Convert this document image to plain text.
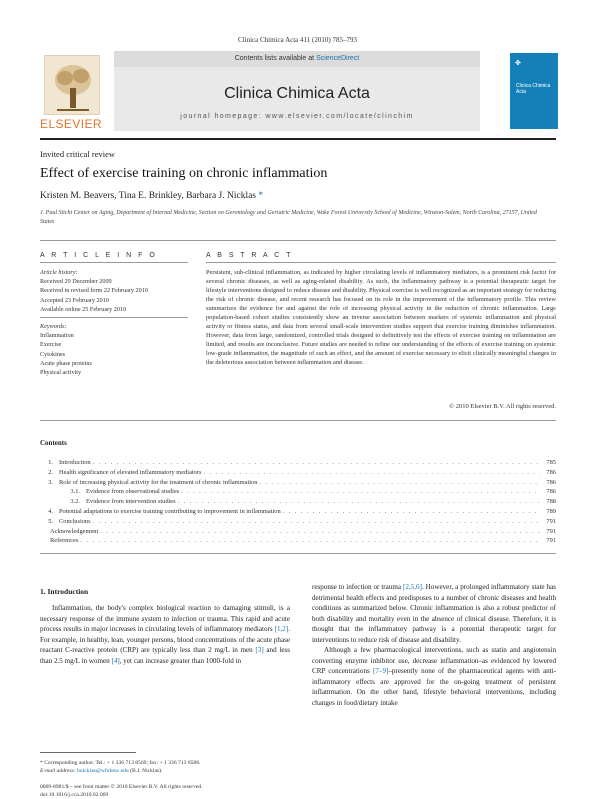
Clinica Chimica Acta 411 (2010) 785–793
ELSEVIER
Contents lists available at ScienceDirect
Clinica Chimica Acta
journal homepage: www.elsevier.com/locate/clinchim
✤
Clinica Chimica Acta
Invited critical review
Effect of exercise training on chronic inflammation
Kristen M. Beavers, Tina E. Brinkley, Barbara J. Nicklas *
J. Paul Sticht Center on Aging, Department of Internal Medicine, Section on Gerontology and Geriatric Medicine, Wake Forest University School of Medicine, Winston-Salem, North Carolina, 27157, United States
A R T I C L E I N F O
Article history:
Received 29 December 2009
Received in revised form 22 February 2010
Accepted 23 February 2010
Available online 25 February 2010
Keywords:
Inflammation
Exercise
Cytokines
Acute phase proteins
Physical activity
A B S T R A C T
Persistent, sub-clinical inflammation, as indicated by higher circulating levels of inflammatory mediators, is a prominent risk factor for several chronic diseases, as well as aging-related disability. As such, the inflammatory pathway is a potential therapeutic target for lifestyle interventions designed to reduce disease and disability. Physical exercise is well recognized as an important strategy for reducing the risk of chronic disease, and recent research has focused on its role in the improvement of the inflammatory profile. This review summarizes the evidence for and against the role of increasing physical activity in the reduction of chronic inflammation. Large population-based cohort studies consistently show an inverse association between markers of systemic inflammation and physical activity or fitness status, and data from several small-scale intervention studies support that exercise training diminishes inflammation. However, data from large, randomized, controlled trials designed to definitively test the effects of exercise training on inflammation are limited, and results are inconclusive. Future studies are needed to refine our understanding of the effects of exercise training on systemic low-grade inflammation, the magnitude of such an effect, and the amount of exercise necessary to elicit clinically meaningful changes in the deleterious association between inflammation and disease.
© 2010 Elsevier B.V. All rights reserved.
Contents
1. Introduction . . .	785
2. Health significance of elevated inflammatory mediators . . .	786
3. Role of increasing physical activity for the treatment of chronic inflammation . . .	786
3.1. Evidence from observational studies . . .	786
3.2. Evidence from intervention studies . . .	788
4. Potential adaptations to exercise training contributing to improvement in inflammation . . .	789
5. Conclusions . . .	791
Acknowledgement . . .	791
References . . .	791
1. Introduction

Inflammation, the body's complex biological reaction to damaging stimuli, is a necessary response of the immune system to infection or trauma. This rapid and acute process results in major increases in circulating levels of inflammatory mediators [1,2]. For example, in healthy, lean, younger persons, blood concentrations of the acute phase reactant C-reactive protein (CRP) are typically less than 2 mg/L in men [3] and less than 2.5 mg/L in women [4], yet can increase greater than 1000-fold in

response to infection or trauma [2,5,6]. However, a prolonged inflammatory state has detrimental health effects and predisposes to a number of chronic diseases and health conditions as summarized below. Chronic inflammation is also a robust predictor of both disability and mortality even in the absence of clinical disease. Therefore, it is thought that the inflammatory pathway is a potential therapeutic target for interventions to reduce risk of disease and disability.

Although a few pharmacological interventions, such as statin and angiotensin converting enzyme inhibitor use, decrease inflammation–as evidenced by lowered CRP concentrations [7–9]–presently none of the pharmaceutical agents with anti-inflammatory effects are approved for the on-going treatment of persistent inflammation. On the other hand, lifestyle behavioral interventions, including changes in food/dietary intake

* Corresponding author. Tel.: + 1 336 713 8569; fax: + 1 336 713 8588.
E-mail address: bnicklas@wfubmc.edu (B.J. Nicklas).
0009-8981/$ – see front matter © 2010 Elsevier B.V. All rights reserved.
doi:10.1016/j.cca.2010.02.069
